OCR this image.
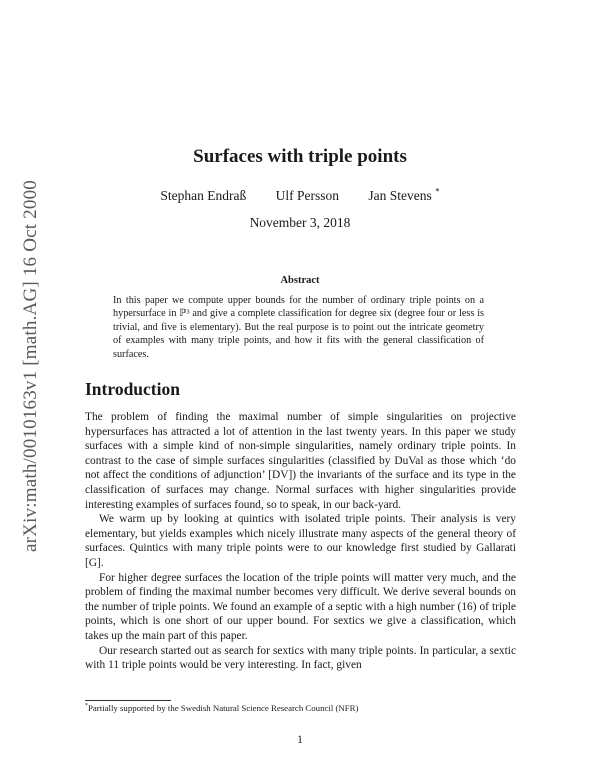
arXiv:math/0010163v1 [math.AG] 16 Oct 2000
Surfaces with triple points
Stephan Endraß Ulf Persson Jan Stevens *
November 3, 2018
Abstract
In this paper we compute upper bounds for the number of ordinary triple points on a hypersurface in ℙ³ and give a complete classification for degree six (degree four or less is trivial, and five is elementary). But the real purpose is to point out the intricate geometry of examples with many triple points, and how it fits with the general classification of surfaces.
Introduction

The problem of finding the maximal number of simple singularities on projective hypersurfaces has attracted a lot of attention in the last twenty years. In this paper we study surfaces with a simple kind of non-simple singularities, namely ordinary triple points. In contrast to the case of simple surfaces singularities (classified by DuVal as those which ‘do not affect the conditions of adjunction’ [DV]) the invariants of the surface and its type in the classification of surfaces may change. Normal surfaces with higher singularities provide interesting examples of surfaces found, so to speak, in our back-yard.

We warm up by looking at quintics with isolated triple points. Their analysis is very elementary, but yields examples which nicely illustrate many aspects of the general theory of surfaces. Quintics with many triple points were to our knowledge first studied by Gallarati [G].

For higher degree surfaces the location of the triple points will matter very much, and the problem of finding the maximal number becomes very difficult. We derive several bounds on the number of triple points. We found an example of a septic with a high number (16) of triple points, which is one short of our upper bound. For sextics we give a classification, which takes up the main part of this paper.

Our research started out as search for sextics with many triple points. In particular, a sextic with 11 triple points would be very interesting. In fact, given

*Partially supported by the Swedish Natural Science Research Council (NFR)
1
